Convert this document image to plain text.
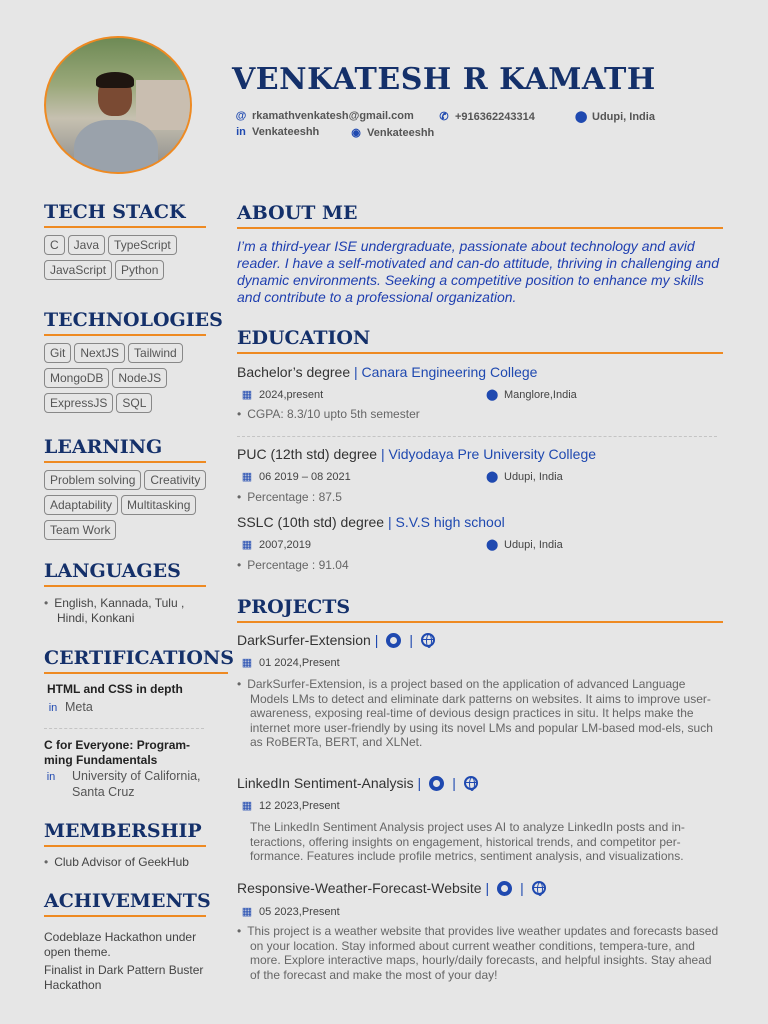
VENKATESH R KAMATH
@ rkamathvenkatesh@gmail.com ✆ +916362243314	⬤ Udupi, India
in Venkateeshh	◉ Venkateeshh
TECH STACK
C	Java	TypeScript
JavaScript	Python
TECHNOLOGIES
Git	NextJS	Tailwind
MongoDB	NodeJS
ExpressJS	SQL
LEARNING
Problem solving	Creativity
Adaptability	Multitasking
Team Work
LANGUAGES
• English, Kannada, Tulu , Hindi, Konkani
CERTIFICATIONS
HTML and CSS in depth
in Meta
C for Everyone: Program-ming Fundamentals
in University of California, Santa Cruz
MEMBERSHIP
• Club Advisor of GeekHub
ACHIVEMENTS
Codeblaze Hackathon under open theme.
Finalist in Dark Pattern Buster Hackathon
ABOUT ME
I’m a third-year ISE undergraduate, passionate about technology and avid reader. I have a self-motivated and can-do attitude, thriving in challenging and dynamic environments. Seeking a competitive position to enhance my skills and contribute to a professional organization.
EDUCATION
Bachelor’s degree | Canara Engineering College
▦ 2024,present	⬤ Manglore,India
• CGPA: 8.3/10 upto 5th semester
PUC (12th std) degree | Vidyodaya Pre University College
▦ 06 2019 – 08 2021	⬤ Udupi, India
• Percentage : 87.5
SSLC (10th std) degree | S.V.S high school
▦ 2007,2019	⬤ Udupi, India
• Percentage : 91.04
PROJECTS
DarkSurfer-Extension | |
▦ 01 2024,Present
• DarkSurfer-Extension, is a project based on the application of advanced Language Models LMs to detect and eliminate dark patterns on websites. It aims to improve user-awareness, exposing real-time of devious design practices in situ. It helps make the internet more user-friendly by using its novel LMs and popular LM-based mod-els, such as RoBERTa, BERT, and XLNet.
LinkedIn Sentiment-Analysis | |
▦ 12 2023,Present
The LinkedIn Sentiment Analysis project uses AI to analyze LinkedIn posts and in-teractions, offering insights on engagement, historical trends, and competitor per-formance. Features include profile metrics, sentiment analysis, and visualizations.
Responsive-Weather-Forecast-Website | |
▦ 05 2023,Present
• This project is a weather website that provides live weather updates and forecasts based on your location. Stay informed about current weather conditions, tempera-ture, and more. Explore interactive maps, hourly/daily forecasts, and helpful insights. Stay ahead of the forecast and make the most of your day!
